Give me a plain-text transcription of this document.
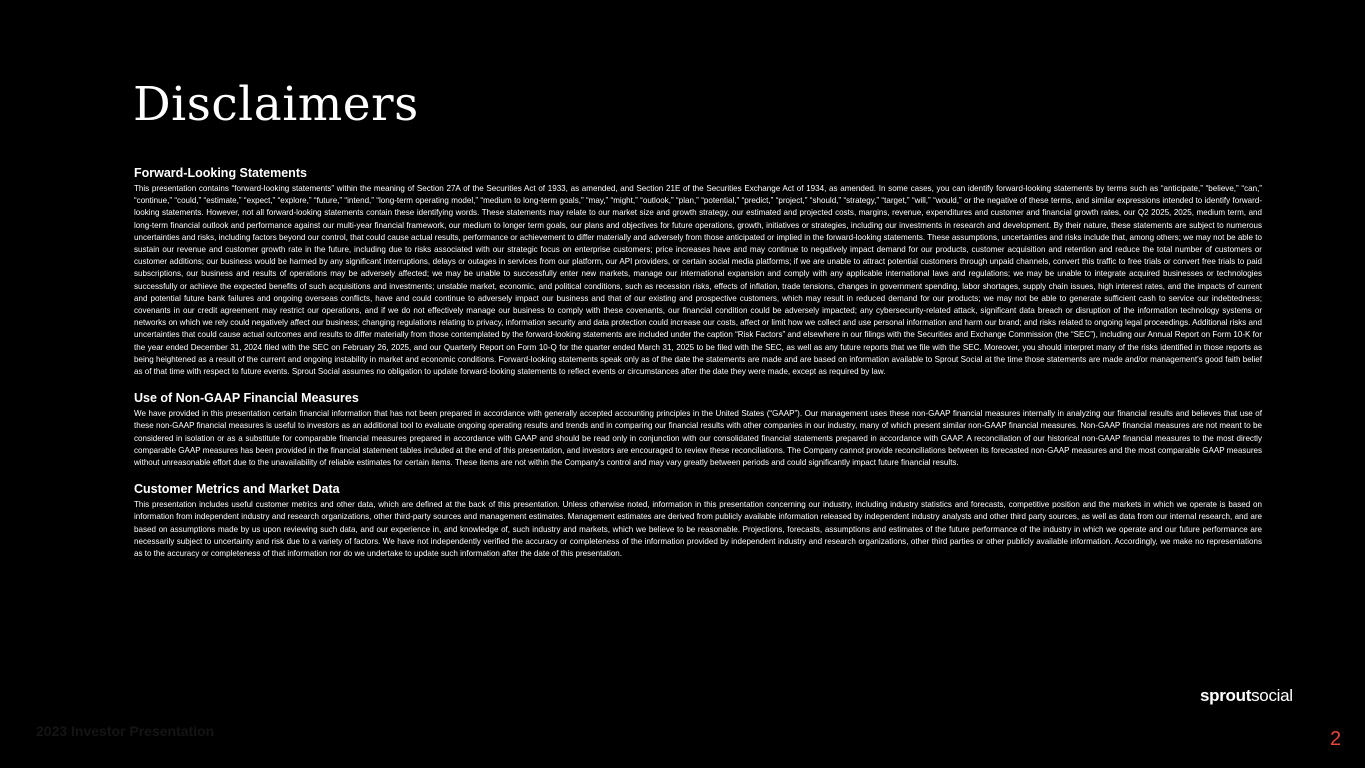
Disclaimers
Forward-Looking Statements

This presentation contains “forward-looking statements” within the meaning of Section 27A of the Securities Act of 1933, as amended, and Section 21E of the Securities Exchange Act of 1934, as amended. In some cases, you can identify forward-looking statements by terms such as “anticipate,” “believe,” “can,” “continue,” “could,” “estimate,” “expect,” “explore,” “future,” “intend,” “long-term operating model,” “medium to long-term goals,” “may,” “might,” “outlook,” “plan,” “potential,” “predict,” “project,” “should,” “strategy,” “target,” “will,” “would,” or the negative of these terms, and similar expressions intended to identify forward-looking statements. However, not all forward-looking statements contain these identifying words. These statements may relate to our market size and growth strategy, our estimated and projected costs, margins, revenue, expenditures and customer and financial growth rates, our Q2 2025, 2025, medium term, and long-term financial outlook and performance against our multi-year financial framework, our medium to longer term goals, our plans and objectives for future operations, growth, initiatives or strategies, including our investments in research and development. By their nature, these statements are subject to numerous uncertainties and risks, including factors beyond our control, that could cause actual results, performance or achievement to differ materially and adversely from those anticipated or implied in the forward-looking statements. These assumptions, uncertainties and risks include that, among others; we may not be able to sustain our revenue and customer growth rate in the future, including due to risks associated with our strategic focus on enterprise customers; price increases have and may continue to negatively impact demand for our products, customer acquisition and retention and reduce the total number of customers or customer additions; our business would be harmed by any significant interruptions, delays or outages in services from our platform, our API providers, or certain social media platforms; if we are unable to attract potential customers through unpaid channels, convert this traffic to free trials or convert free trials to paid subscriptions, our business and results of operations may be adversely affected; we may be unable to successfully enter new markets, manage our international expansion and comply with any applicable international laws and regulations; we may be unable to integrate acquired businesses or technologies successfully or achieve the expected benefits of such acquisitions and investments; unstable market, economic, and political conditions, such as recession risks, effects of inflation, trade tensions, changes in government spending, labor shortages, supply chain issues, high interest rates, and the impacts of current and potential future bank failures and ongoing overseas conflicts, have and could continue to adversely impact our business and that of our existing and prospective customers, which may result in reduced demand for our products; we may not be able to generate sufficient cash to service our indebtedness; covenants in our credit agreement may restrict our operations, and if we do not effectively manage our business to comply with these covenants, our financial condition could be adversely impacted; any cybersecurity-related attack, significant data breach or disruption of the information technology systems or networks on which we rely could negatively affect our business; changing regulations relating to privacy, information security and data protection could increase our costs, affect or limit how we collect and use personal information and harm our brand; and risks related to ongoing legal proceedings. Additional risks and uncertainties that could cause actual outcomes and results to differ materially from those contemplated by the forward-looking statements are included under the caption “Risk Factors” and elsewhere in our filings with the Securities and Exchange Commission (the “SEC”), including our Annual Report on Form 10-K for the year ended December 31, 2024 filed with the SEC on February 26, 2025, and our Quarterly Report on Form 10-Q for the quarter ended March 31, 2025 to be filed with the SEC, as well as any future reports that we file with the SEC. Moreover, you should interpret many of the risks identified in those reports as being heightened as a result of the current and ongoing instability in market and economic conditions. Forward-looking statements speak only as of the date the statements are made and are based on information available to Sprout Social at the time those statements are made and/or management's good faith belief as of that time with respect to future events. Sprout Social assumes no obligation to update forward-looking statements to reflect events or circumstances after the date they were made, except as required by law.

Use of Non-GAAP Financial Measures

We have provided in this presentation certain financial information that has not been prepared in accordance with generally accepted accounting principles in the United States (“GAAP”). Our management uses these non-GAAP financial measures internally in analyzing our financial results and believes that use of these non-GAAP financial measures is useful to investors as an additional tool to evaluate ongoing operating results and trends and in comparing our financial results with other companies in our industry, many of which present similar non-GAAP financial measures. Non-GAAP financial measures are not meant to be considered in isolation or as a substitute for comparable financial measures prepared in accordance with GAAP and should be read only in conjunction with our consolidated financial statements prepared in accordance with GAAP. A reconciliation of our historical non-GAAP financial measures to the most directly comparable GAAP measures has been provided in the financial statement tables included at the end of this presentation, and investors are encouraged to review these reconciliations. The Company cannot provide reconciliations between its forecasted non-GAAP measures and the most comparable GAAP measures without unreasonable effort due to the unavailability of reliable estimates for certain items. These items are not within the Company's control and may vary greatly between periods and could significantly impact future financial results.

Customer Metrics and Market Data

This presentation includes useful customer metrics and other data, which are defined at the back of this presentation. Unless otherwise noted, information in this presentation concerning our industry, including industry statistics and forecasts, competitive position and the markets in which we operate is based on information from independent industry and research organizations, other third-party sources and management estimates. Management estimates are derived from publicly available information released by independent industry analysts and other third party sources, as well as data from our internal research, and are based on assumptions made by us upon reviewing such data, and our experience in, and knowledge of, such industry and markets, which we believe to be reasonable. Projections, forecasts, assumptions and estimates of the future performance of the industry in which we operate and our future performance are necessarily subject to uncertainty and risk due to a variety of factors. We have not independently verified the accuracy or completeness of the information provided by independent industry and research organizations, other third parties or other publicly available information. Accordingly, we make no representations as to the accuracy or completeness of that information nor do we undertake to update such information after the date of this presentation.

sproutsocial
2023 Investor Presentation	2
